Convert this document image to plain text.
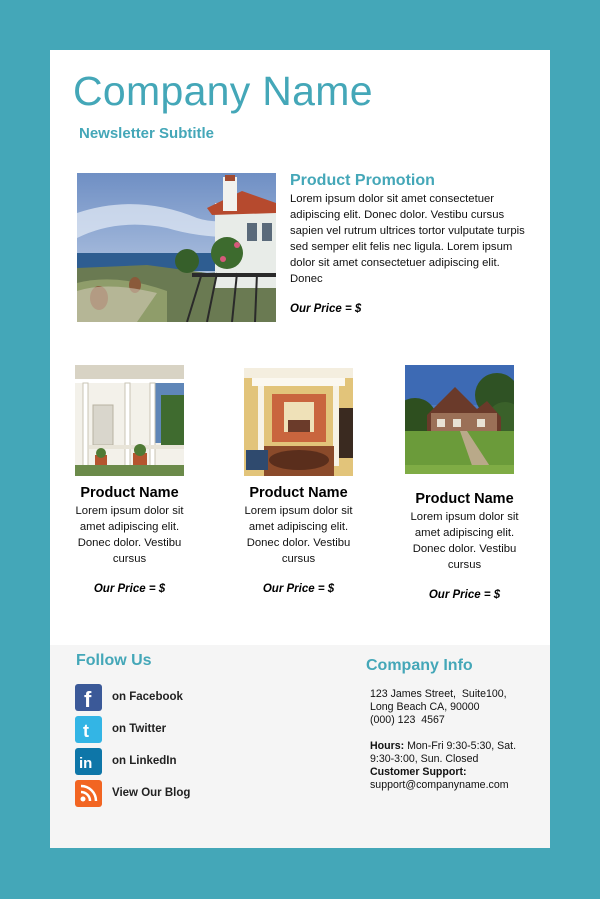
Company Name
Newsletter Subtitle
Product Promotion

Lorem ipsum dolor sit amet consectetuer adipiscing elit. Donec dolor. Vestibu cursus sapien vel rutrum ultrices tortor vulputate turpis sed semper elit felis nec ligula. Lorem ipsum dolor sit amet consectetuer adipiscing elit. Donec

Our Price = $
Product Name

Lorem ipsum dolor sit amet adipiscing elit. Donec dolor. Vestibu cursus

Our Price = $
Product Name

Lorem ipsum dolor sit amet adipiscing elit. Donec dolor. Vestibu cursus

Our Price = $
Product Name

Lorem ipsum dolor sit amet adipiscing elit. Donec dolor. Vestibu cursus

Our Price = $
Follow Us
f on Facebook
t on Twitter
in on LinkedIn
View Our Blog
Company Info
123 James Street,  Suite100,
Long Beach CA, 90000
(000) 123  4567
Hours: Mon-Fri 9:30-5:30, Sat. 9:30-3:00, Sun. Closed
Customer Support:
support@companyname.com
